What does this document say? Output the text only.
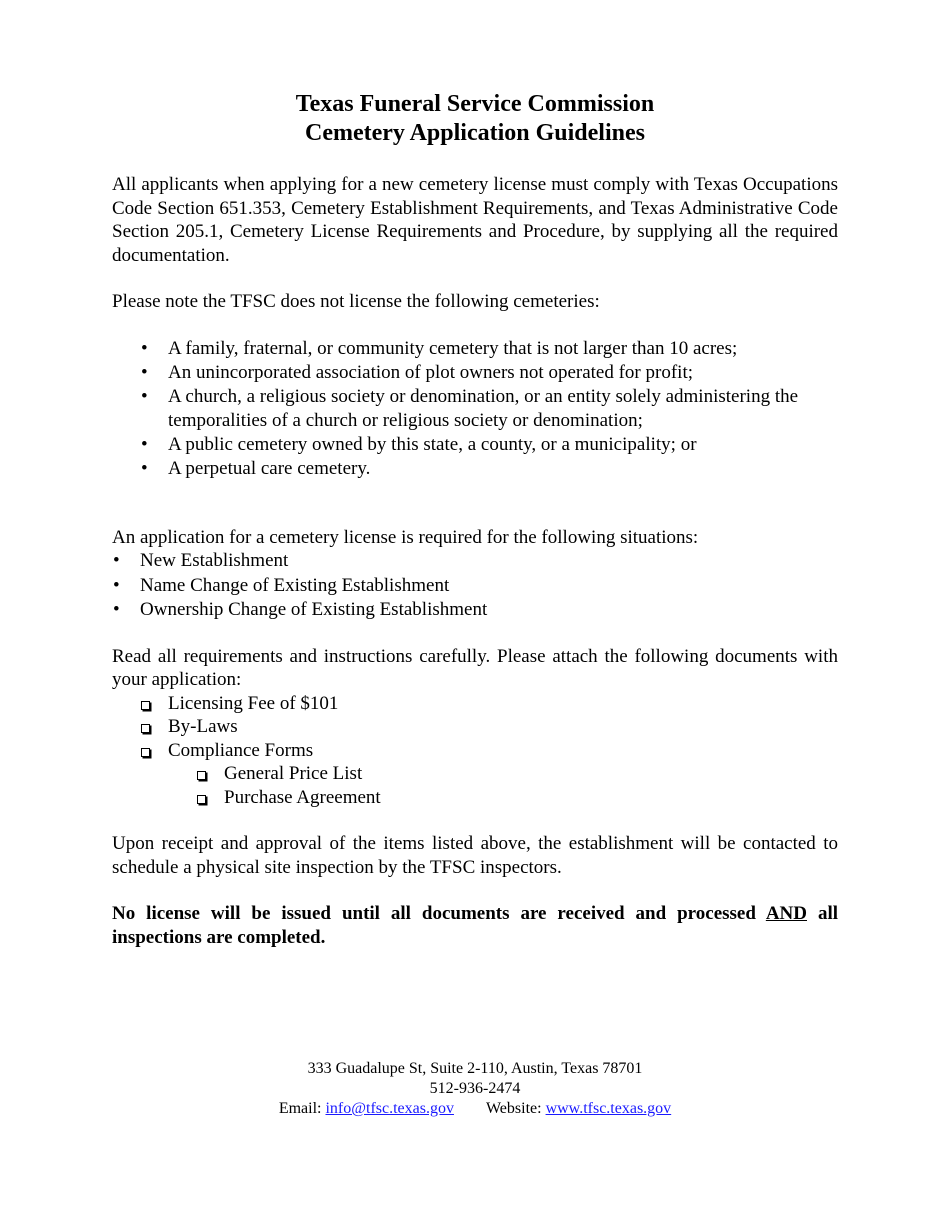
Texas Funeral Service Commission
Cemetery Application Guidelines

All applicants when applying for a new cemetery license must comply with Texas Occupations Code Section 651.353, Cemetery Establishment Requirements, and Texas Administrative Code Section 205.1, Cemetery License Requirements and Procedure, by supplying all the required documentation.

Please note the TFSC does not license the following cemeteries:

• A family, fraternal, or community cemetery that is not larger than 10 acres;
• An unincorporated association of plot owners not operated for profit;
• A church, a religious society or denomination, or an entity solely administering the temporalities of a church or religious society or denomination;
• A public cemetery owned by this state, a county, or a municipality; or
• A perpetual care cemetery.

An application for a cemetery license is required for the following situations:

• New Establishment
• Name Change of Existing Establishment
• Ownership Change of Existing Establishment

Read all requirements and instructions carefully. Please attach the following documents with your application:

Licensing Fee of $101
By-Laws
Compliance Forms
General Price List
Purchase Agreement

Upon receipt and approval of the items listed above, the establishment will be contacted to schedule a physical site inspection by the TFSC inspectors.

No license will be issued until all documents are received and processed AND all inspections are completed.

333 Guadalupe St, Suite 2-110, Austin, Texas 78701
512-936-2474
Email: info@tfsc.texas.gov Website: www.tfsc.texas.gov
